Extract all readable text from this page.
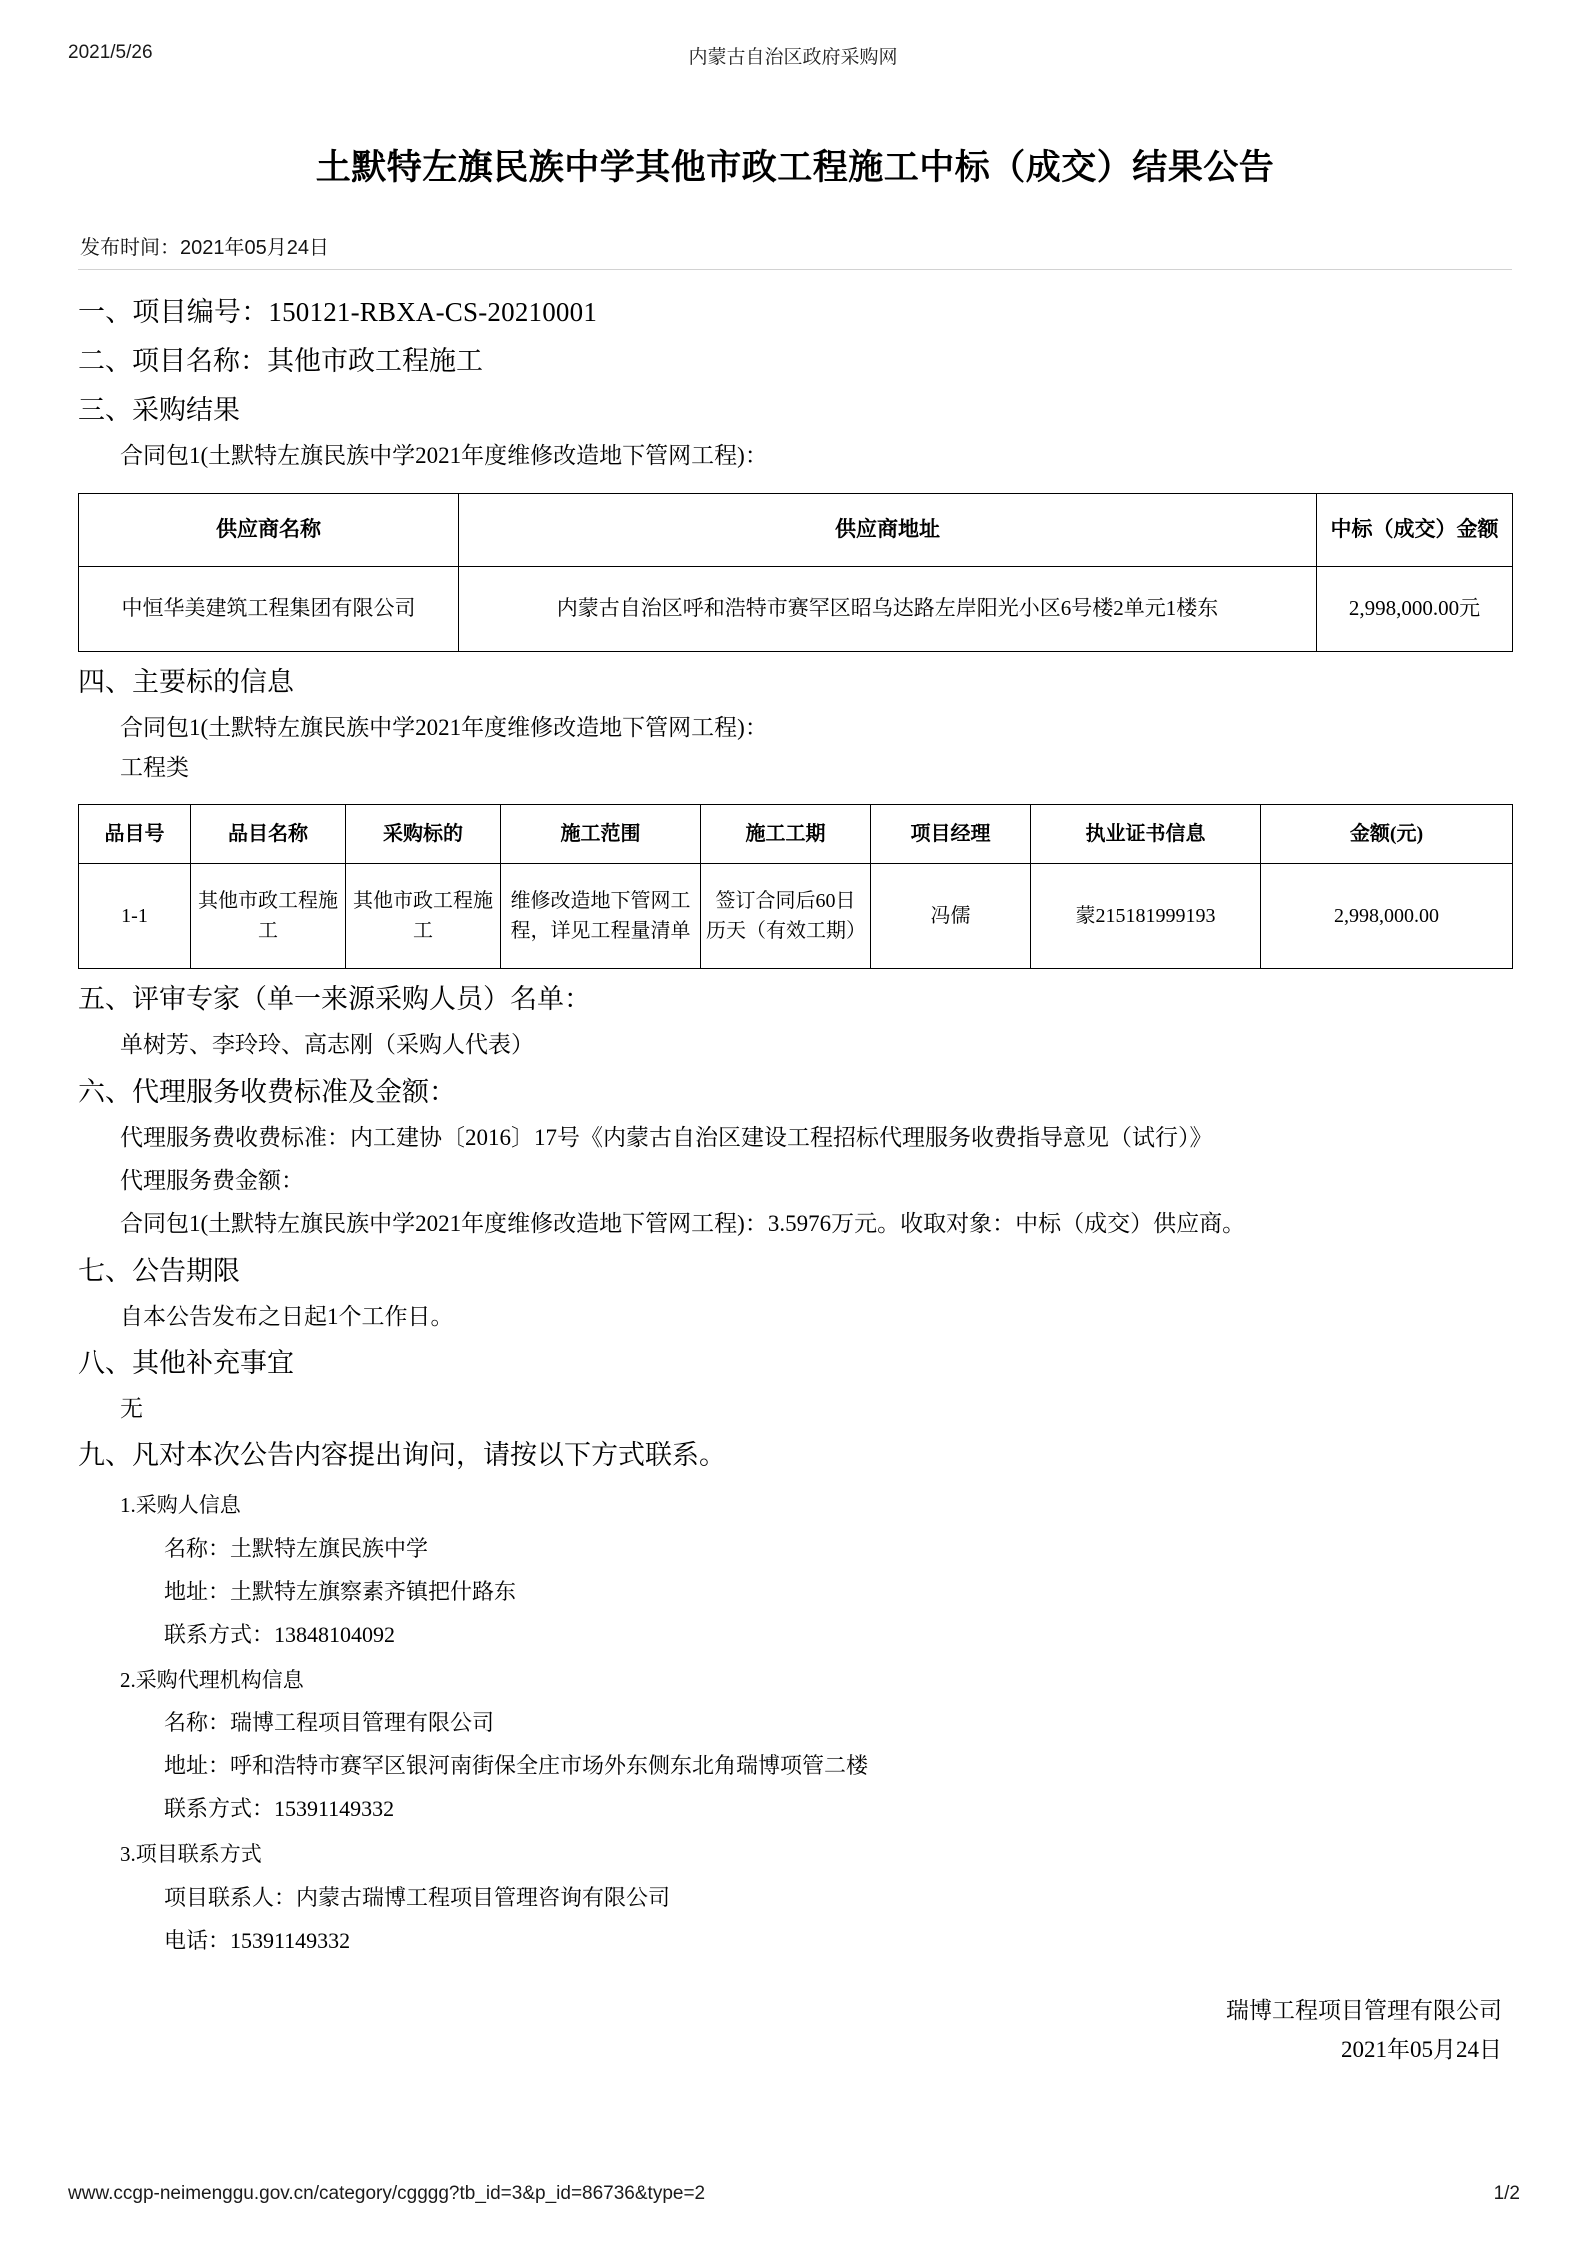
2021/5/26	内蒙古自治区政府采购网
土默特左旗民族中学其他市政工程施工中标（成交）结果公告
发布时间：2021年05月24日
一、项目编号：150121-RBXA-CS-20210001
二、项目名称：其他市政工程施工
三、采购结果
合同包1(土默特左旗民族中学2021年度维修改造地下管网工程)：
供应商名称	供应商地址	中标（成交）金额
中恒华美建筑工程集团有限公司	内蒙古自治区呼和浩特市赛罕区昭乌达路左岸阳光小区6号楼2单元1楼东	2,998,000.00元
四、主要标的信息
合同包1(土默特左旗民族中学2021年度维修改造地下管网工程)：
工程类
品目号	品目名称	采购标的	施工范围	施工工期	项目经理	执业证书信息	金额(元)
1-1	其他市政工程施工	其他市政工程施工	维修改造地下管网工程，详见工程量清单	签订合同后60日历天（有效工期）	冯儒	蒙215181999193	2,998,000.00
五、评审专家（单一来源采购人员）名单：
单树芳、李玲玲、高志刚（采购人代表）
六、代理服务收费标准及金额：
代理服务费收费标准：内工建协〔2016〕17号《内蒙古自治区建设工程招标代理服务收费指导意见（试行）》
代理服务费金额：
合同包1(土默特左旗民族中学2021年度维修改造地下管网工程)：3.5976万元。收取对象：中标（成交）供应商。
七、公告期限
自本公告发布之日起1个工作日。
八、其他补充事宜
无
九、凡对本次公告内容提出询问，请按以下方式联系。
1.采购人信息
名称：土默特左旗民族中学
地址：土默特左旗察素齐镇把什路东
联系方式：13848104092
2.采购代理机构信息
名称：瑞博工程项目管理有限公司
地址：呼和浩特市赛罕区银河南街保全庄市场外东侧东北角瑞博项管二楼
联系方式：15391149332
3.项目联系方式
项目联系人：内蒙古瑞博工程项目管理咨询有限公司
电话：15391149332
瑞博工程项目管理有限公司
2021年05月24日
www.ccgp-neimenggu.gov.cn/category/cgggg?tb_id=3&p_id=86736&type=2	1/2
